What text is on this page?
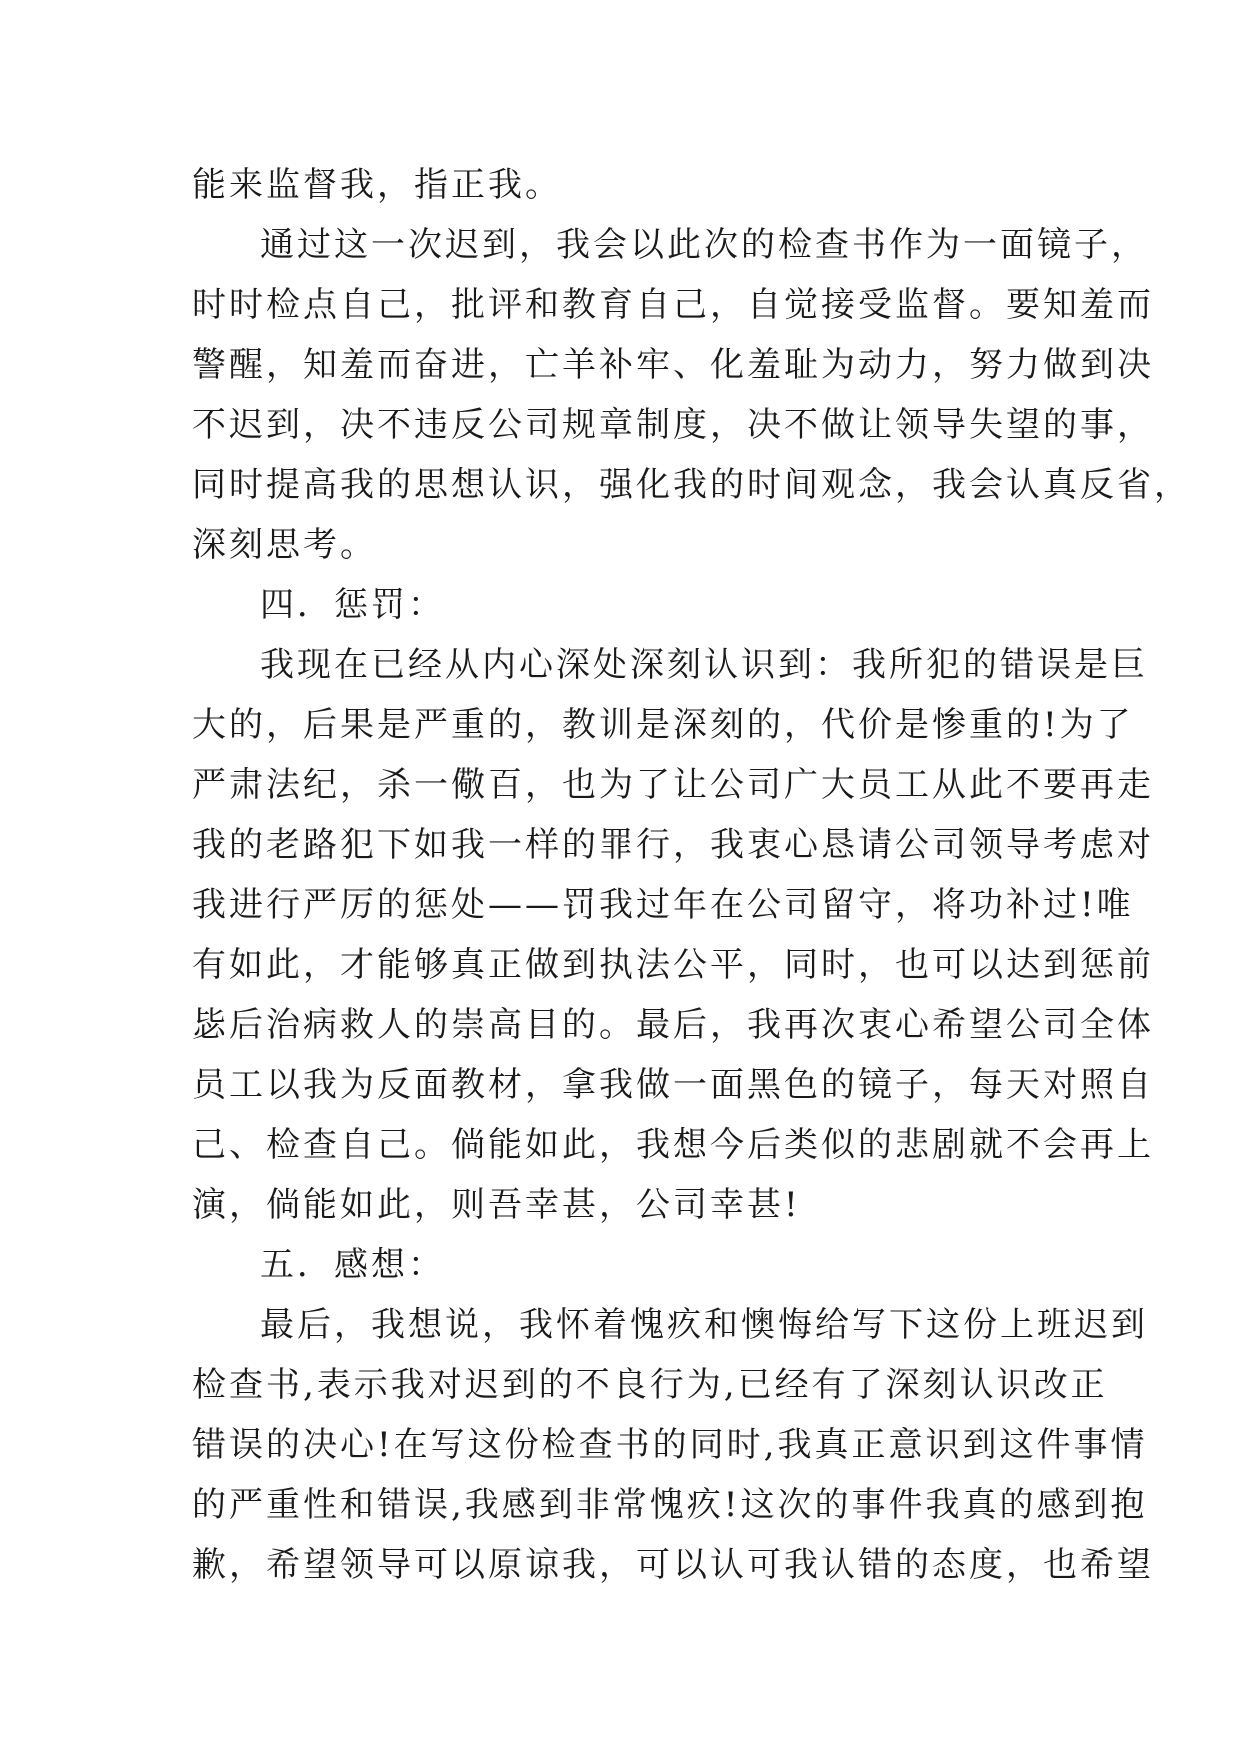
能来监督我，指正我。
通过这一次迟到，我会以此次的检查书作为一面镜子，
时时检点自己，批评和教育自己，自觉接受监督。要知羞而
警醒，知羞而奋进，亡羊补牢、化羞耻为动力，努力做到决
不迟到，决不违反公司规章制度，决不做让领导失望的事，
同时提高我的思想认识，强化我的时间观念，我会认真反省，
深刻思考。
四．惩罚：
我现在已经从内心深处深刻认识到：我所犯的错误是巨
大的，后果是严重的，教训是深刻的，代价是惨重的!为了
严肃法纪，杀一儆百，也为了让公司广大员工从此不要再走
我的老路犯下如我一样的罪行，我衷心恳请公司领导考虑对
我进行严厉的惩处——罚我过年在公司留守，将功补过!唯
有如此，才能够真正做到执法公平，同时，也可以达到惩前
毖后治病救人的崇高目的。最后，我再次衷心希望公司全体
员工以我为反面教材，拿我做一面黑色的镜子，每天对照自
己、检查自己。倘能如此，我想今后类似的悲剧就不会再上
演，倘能如此，则吾幸甚，公司幸甚!
五．感想：
最后，我想说，我怀着愧疚和懊悔给写下这份上班迟到
检查书,表示我对迟到的不良行为,已经有了深刻认识改正
错误的决心!在写这份检查书的同时,我真正意识到这件事情
的严重性和错误,我感到非常愧疚!这次的事件我真的感到抱
歉，希望领导可以原谅我，可以认可我认错的态度，也希望
